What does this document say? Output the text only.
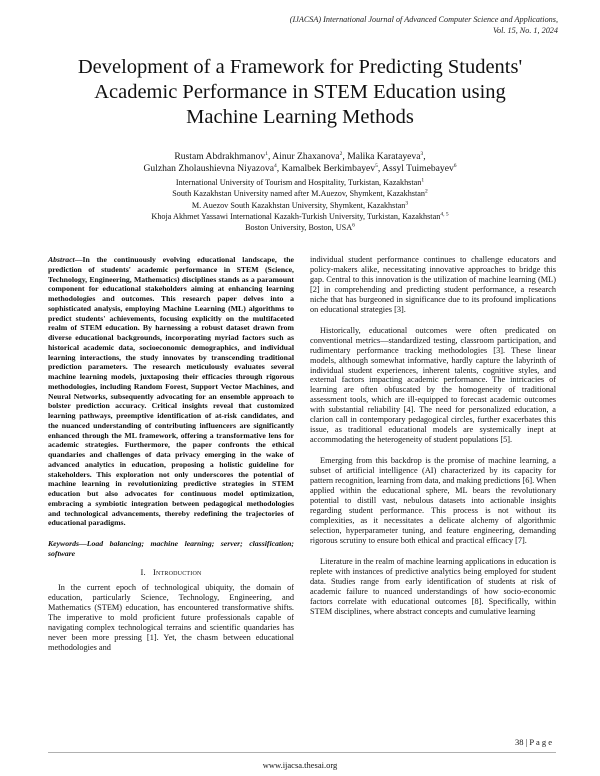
(IJACSA) International Journal of Advanced Computer Science and Applications,
Vol. 15, No. 1, 2024
Development of a Framework for Predicting Students'
Academic Performance in STEM Education using
Machine Learning Methods
Rustam Abdrakhmanov$^1$, Ainur Zhaxanova$^2$, Malika Karatayeva$^3$,
Gulzhan Zholaushievna Niyazova$^4$, Kamalbek Berkimbayev$^5$, Assyl Tuimebayev$^6$
International University of Tourism and Hospitality, Turkistan, Kazakhstan$^1$
South Kazakhstan University named after M.Auezov, Shymkent, Kazakhstan$^2$
M. Auezov South Kazakhstan University, Shymkent, Kazakhstan$^3$
Khoja Akhmet Yassawi International Kazakh-Turkish University, Turkistan, Kazakhstan$^{4, 5}$
Boston University, Boston, USA$^6$

Abstract—In the continuously evolving educational landscape, the prediction of students' academic performance in STEM (Science, Technology, Engineering, Mathematics) disciplines stands as a paramount component for educational stakeholders aiming at enhancing learning methodologies and outcomes. This research paper delves into a sophisticated analysis, employing Machine Learning (ML) algorithms to predict students' achievements, focusing explicitly on the multifaceted realm of STEM education. By harnessing a robust dataset drawn from diverse educational backgrounds, incorporating myriad factors such as historical academic data, socioeconomic demographics, and individual learning interactions, the study innovates by transcending traditional prediction parameters. The research meticulously evaluates several machine learning models, juxtaposing their efficacies through rigorous methodologies, including Random Forest, Support Vector Machines, and Neural Networks, subsequently advocating for an ensemble approach to bolster prediction accuracy. Critical insights reveal that customized learning pathways, preemptive identification of at-risk candidates, and the nuanced understanding of contributing influencers are significantly enhanced through the ML framework, offering a transformative lens for academic strategies. Furthermore, the paper confronts the ethical quandaries and challenges of data privacy emerging in the wake of advanced analytics in education, proposing a holistic guideline for stakeholders. This exploration not only underscores the potential of machine learning in revolutionizing predictive strategies in STEM education but also advocates for continuous model optimization, embracing a symbiotic integration between pedagogical methodologies and technological advancements, thereby redefining the trajectories of educational paradigms.

Keywords—Load balancing; machine learning; server; classification; software

I. Introduction

In the current epoch of technological ubiquity, the domain of education, particularly Science, Technology, Engineering, and Mathematics (STEM) education, has encountered transformative shifts. The imperative to mold proficient future professionals capable of navigating complex technological terrains and scientific quandaries has never been more pressing [1]. Yet, the chasm between educational methodologies and

individual student performance continues to challenge educators and policy-makers alike, necessitating innovative approaches to bridge this gap. Central to this innovation is the utilization of machine learning (ML) [2] in comprehending and predicting student performance, a research niche that has burgeoned in significance due to its profound implications on educational strategies [3].

Historically, educational outcomes were often predicated on conventional metrics—standardized testing, classroom participation, and rudimentary performance tracking methodologies [3]. These linear models, although somewhat informative, hardly capture the labyrinth of individual student experiences, inherent talents, cognitive styles, and external factors impacting academic performance. The intricacies of learning are often obfuscated by the homogeneity of traditional assessment tools, which are ill-equipped to forecast academic outcomes with substantial reliability [4]. The need for personalized education, a clarion call in contemporary pedagogical circles, further exacerbates this issue, as traditional educational models are systemically inept at accommodating the heterogeneity of student populations [5].

Emerging from this backdrop is the promise of machine learning, a subset of artificial intelligence (AI) characterized by its capacity for pattern recognition, learning from data, and making predictions [6]. When applied within the educational sphere, ML bears the revolutionary potential to distill vast, nebulous datasets into actionable insights regarding student performance. This process is not without its complexities, as it necessitates a delicate alchemy of algorithmic selection, hyperparameter tuning, and feature engineering, demanding rigorous scrutiny to ensure both ethical and practical efficacy [7].

Literature in the realm of machine learning applications in education is replete with instances of predictive analytics being employed for student data. Studies range from early identification of students at risk of academic failure to nuanced understandings of how socio-economic factors correlate with educational outcomes [8]. Specifically, within STEM disciplines, where abstract concepts and cumulative learning

38 | P a g e
www.ijacsa.thesai.org
